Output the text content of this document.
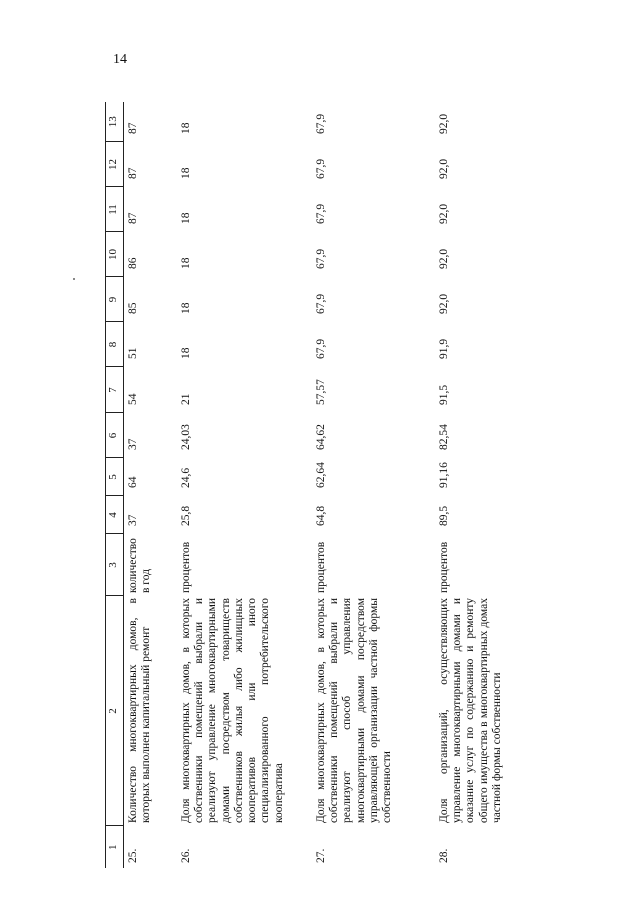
14
1	2	3	4	5	6	7	8	9	10	11	12	13
25.	Количество многоквартирных домов, в которых выполнен капитальный ремонт	количество в год	37	64	37	54	51	85	86	87	87	87
26.	Доля многоквартирных домов, в которых собственники помещений выбрали и реализуют управление многоквартирными домами посредством товариществ собственников жилья либо жилищных кооперативов или иного специализированного потребительского кооператива	процентов	25,8	24,6	24,03	21	18	18	18	18	18	18
27.	Доля многоквартирных домов, в которых собственники помещений выбрали и реализуют способ управления многоквартирными домами посредством управляющей организации частной формы собственности	процентов	64,8	62,64	64,62	57,57	67,9	67,9	67,9	67,9	67,9	67,9
28.	Доля организаций, осуществляющих управление многоквартирными домами и оказание услуг по содержанию и ремонту общего имущества в многоквартирных домах частной формы собственности	процентов	89,5	91,16	82,54	91,5	91,9	92,0	92,0	92,0	92,0	92,0
